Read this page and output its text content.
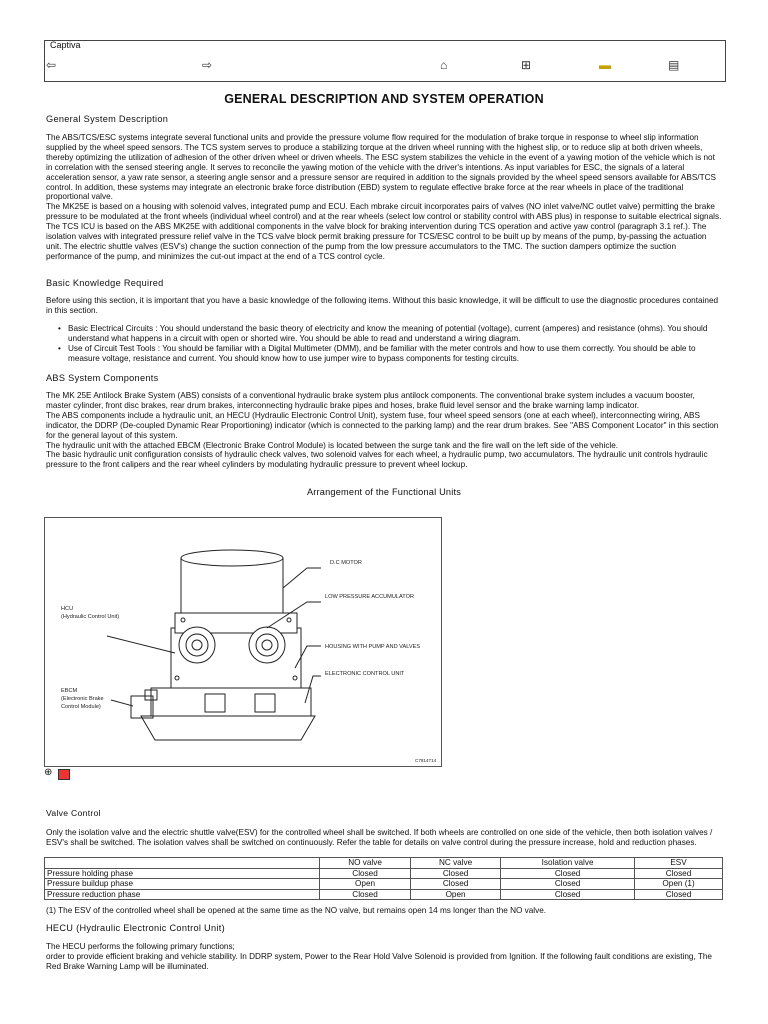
Captiva
⇦	⇨	⌂	⊞	▬	▤
GENERAL DESCRIPTION AND SYSTEM OPERATION
General System Description

The ABS/TCS/ESC systems integrate several functional units and provide the pressure volume flow required for the modulation of brake torque in response to wheel slip information supplied by the wheel speed sensors. The TCS system serves to produce a stabilizing torque at the driven wheel running with the highest slip, or to reduce slip at both driven wheels, thereby optimizing the utilization of adhesion of the other driven wheel or driven wheels. The ESC system stabilizes the vehicle in the event of a yawing motion of the vehicle which is not in correlation with the sensed steering angle. It serves to reconcile the yawing motion of the vehicle with the driver's intentions. As input variables for ESC, the signals of a lateral acceleration sensor, a yaw rate sensor, a steering angle sensor and a pressure sensor are required in addition to the signals provided by the wheel speed sensors available for ABS/TCS control. In addition, these systems may integrate an electronic brake force distribution (EBD) system to regulate effective brake force at the rear wheels in place of the traditional proportional valve.

The MK25E is based on a housing with solenoid valves, integrated pump and ECU. Each mbrake circuit incorporates pairs of valves (NO inlet valve/NC outlet valve) permitting the brake pressure to be modulated at the front wheels (individual wheel control) and at the rear wheels (select low control or stability control with ABS plus) in response to suitable electrical signals.

The TCS ICU is based on the ABS MK25E with additional components in the valve block for braking intervention during TCS operation and active yaw control (paragraph 3.1 ref.). The isolation valves with integrated pressure relief valve in the TCS valve block permit braking pressure for TCS/ESC control to be built up by means of the pump, by-passing the actuation unit. The electric shuttle valves (ESV's) change the suction connection of the pump from the low pressure accumulators to the TMC. The suction dampers optimize the suction performance of the pump, and minimizes the cut-out impact at the end of a TCS control cycle.

Basic Knowledge Required
Before using this section, it is important that you have a basic knowledge of the following items. Without this basic knowledge, it will be difficult to use the diagnostic procedures contained in this section.
• Basic Electrical Circuits : You should understand the basic theory of electricity and know the meaning of potential (voltage), current (amperes) and resistance (ohms). You should understand what happens in a circuit with open or shorted wire. You should be able to read and understand a wiring diagram.
• Use of Circuit Test Tools : You should be familiar with a Digital Multimeter (DMM), and be familiar with the meter controls and how to use them correctly. You should be able to measure voltage, resistance and current. You should know how to use jumper wire to bypass components for testing circuits.
ABS System Components

The MK 25E Antilock Brake System (ABS) consists of a conventional hydraulic brake system plus antilock components. The conventional brake system includes a vacuum booster, master cylinder, front disc brakes, rear drum brakes, interconnecting hydraulic brake pipes and hoses, brake fluid level sensor and the brake warning lamp indicator.

The ABS components include a hydraulic unit, an HECU (Hydraulic Electronic Control Unit), system fuse, four wheel speed sensors (one at each wheel), interconnecting wiring, ABS indicator, the DDRP (De-coupled Dynamic Rear Proportioning) indicator (which is connected to the parking lamp) and the rear drum brakes. See "ABS Component Locator" in this section for the general layout of this system.

The hydraulic unit with the attached EBCM (Electronic Brake Control Module) is located between the surge tank and the fire wall on the left side of the vehicle.

The basic hydraulic unit configuration consists of hydraulic check valves, two solenoid valves for each wheel, a hydraulic pump, two accumulators. The hydraulic unit controls hydraulic pressure to the front calipers and the rear wheel cylinders by modulating hydraulic pressure to prevent wheel lockup.

Arrangement of the Functional Units
D.C MOTOR
LOW PRESSURE ACCUMULATOR
HOUSING WITH PUMP AND VALVES
ELECTRONIC CONTROL UNIT
HCU
(Hydraulic Control Unit)
EBCM
(Electronic Brake
Control Module)
C7814714
⊕
Valve Control
Only the isolation valve and the electric shuttle valve(ESV) for the controlled wheel shall be switched. If both wheels are controlled on one side of the vehicle, then both isolation valves / ESV's shall be switched. The isolation valves shall be switched on continuously. Refer the table for details on valve control during the pressure increase, hold and reduction phases.
	NO valve	NC valve	Isolation valve	ESV
Pressure holding phase	Closed	Closed	Closed	Closed
Pressure buildup phase	Open	Closed	Closed	Open (1)
Pressure reduction phase	Closed	Open	Closed	Closed
(1) The ESV of the controlled wheel shall be opened at the same time as the NO valve, but remains open 14 ms longer than the NO valve.
HECU (Hydraulic Electronic Control Unit)

The HECU performs the following primary functions;

order to provide efficient braking and vehicle stability. In DDRP system, Power to the Rear Hold Valve Solenoid is provided from Ignition. If the following fault conditions are existing, The Red Brake Warning Lamp will be illuminated.
